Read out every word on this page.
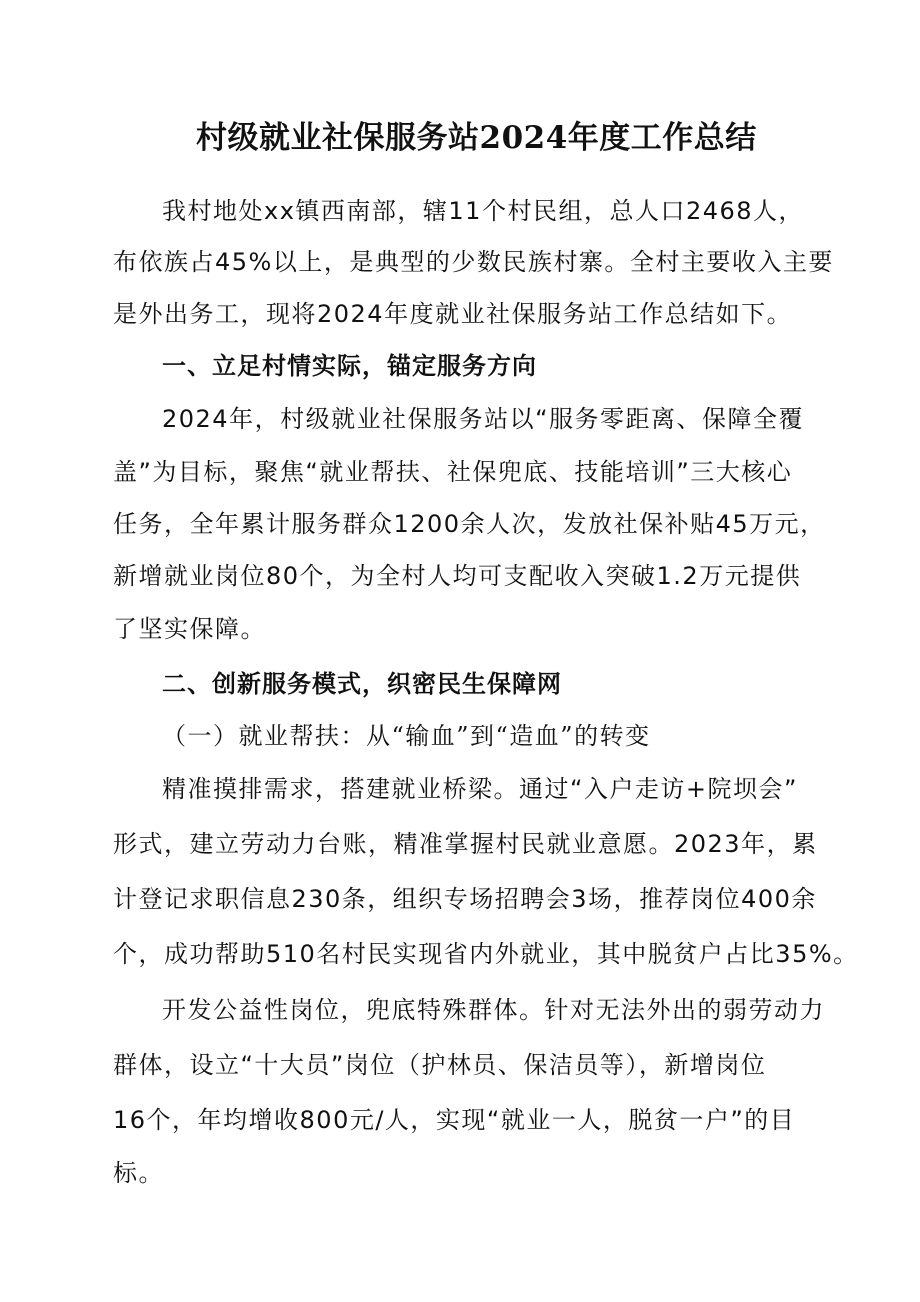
村级就业社保服务站2024年度工作总结
我村地处xx镇西南部，辖11个村民组，总人口2468人，
布依族占45%以上，是典型的少数民族村寨。全村主要收入主要
是外出务工，现将2024年度就业社保服务站工作总结如下。
一、立足村情实际，锚定服务方向
2024年，村级就业社保服务站以“服务零距离、保障全覆
盖”为目标，聚焦“就业帮扶、社保兜底、技能培训”三大核心
任务，全年累计服务群众1200余人次，发放社保补贴45万元，
新增就业岗位80个，为全村人均可支配收入突破1.2万元提供
了坚实保障。
二、创新服务模式，织密民生保障网
（一）就业帮扶：从“输血”到“造血”的转变
精准摸排需求，搭建就业桥梁。通过“入户走访+院坝会”
形式，建立劳动力台账，精准掌握村民就业意愿。2023年，累
计登记求职信息230条，组织专场招聘会3场，推荐岗位400余
个，成功帮助510名村民实现省内外就业，其中脱贫户占比35%。
开发公益性岗位，兜底特殊群体。针对无法外出的弱劳动力
群体，设立“十大员”岗位（护林员、保洁员等），新增岗位
16个，年均增收800元/人，实现“就业一人，脱贫一户”的目
标。
